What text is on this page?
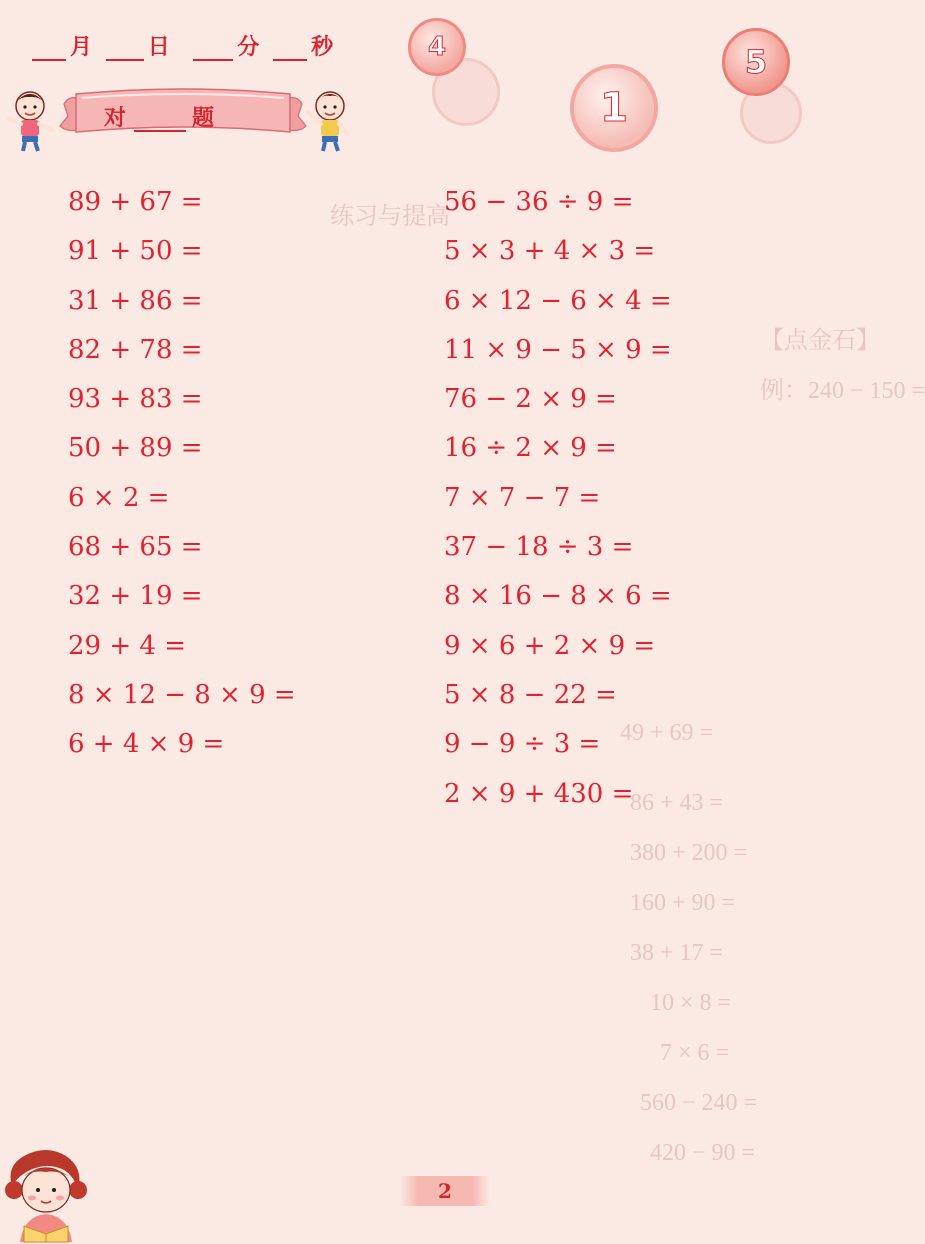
练习与提高
【点金石】
例：240 − 150 =
49 + 69 =
86 + 43 =
380 + 200 =
160 + 90 =
38 + 17 =
10 × 8 =
7 × 6 =
560 − 240 =
420 − 90 =
月 日	分 秒	4
1
5
对	题
89 + 67 =
91 + 50 =
31 + 86 =
82 + 78 =
93 + 83 =
50 + 89 =
6 × 2 =
68 + 65 =
32 + 19 =
29 + 4 =
8 × 12 − 8 × 9 =
6 + 4 × 9 =
56 − 36 ÷ 9 =
5 × 3 + 4 × 3 =
6 × 12 − 6 × 4 =
11 × 9 − 5 × 9 =
76 − 2 × 9 =
16 ÷ 2 × 9 =
7 × 7 − 7 =
37 − 18 ÷ 3 =
8 × 16 − 8 × 6 =
9 × 6 + 2 × 9 =
5 × 8 − 22 =
9 − 9 ÷ 3 =
2 × 9 + 430 =
2
